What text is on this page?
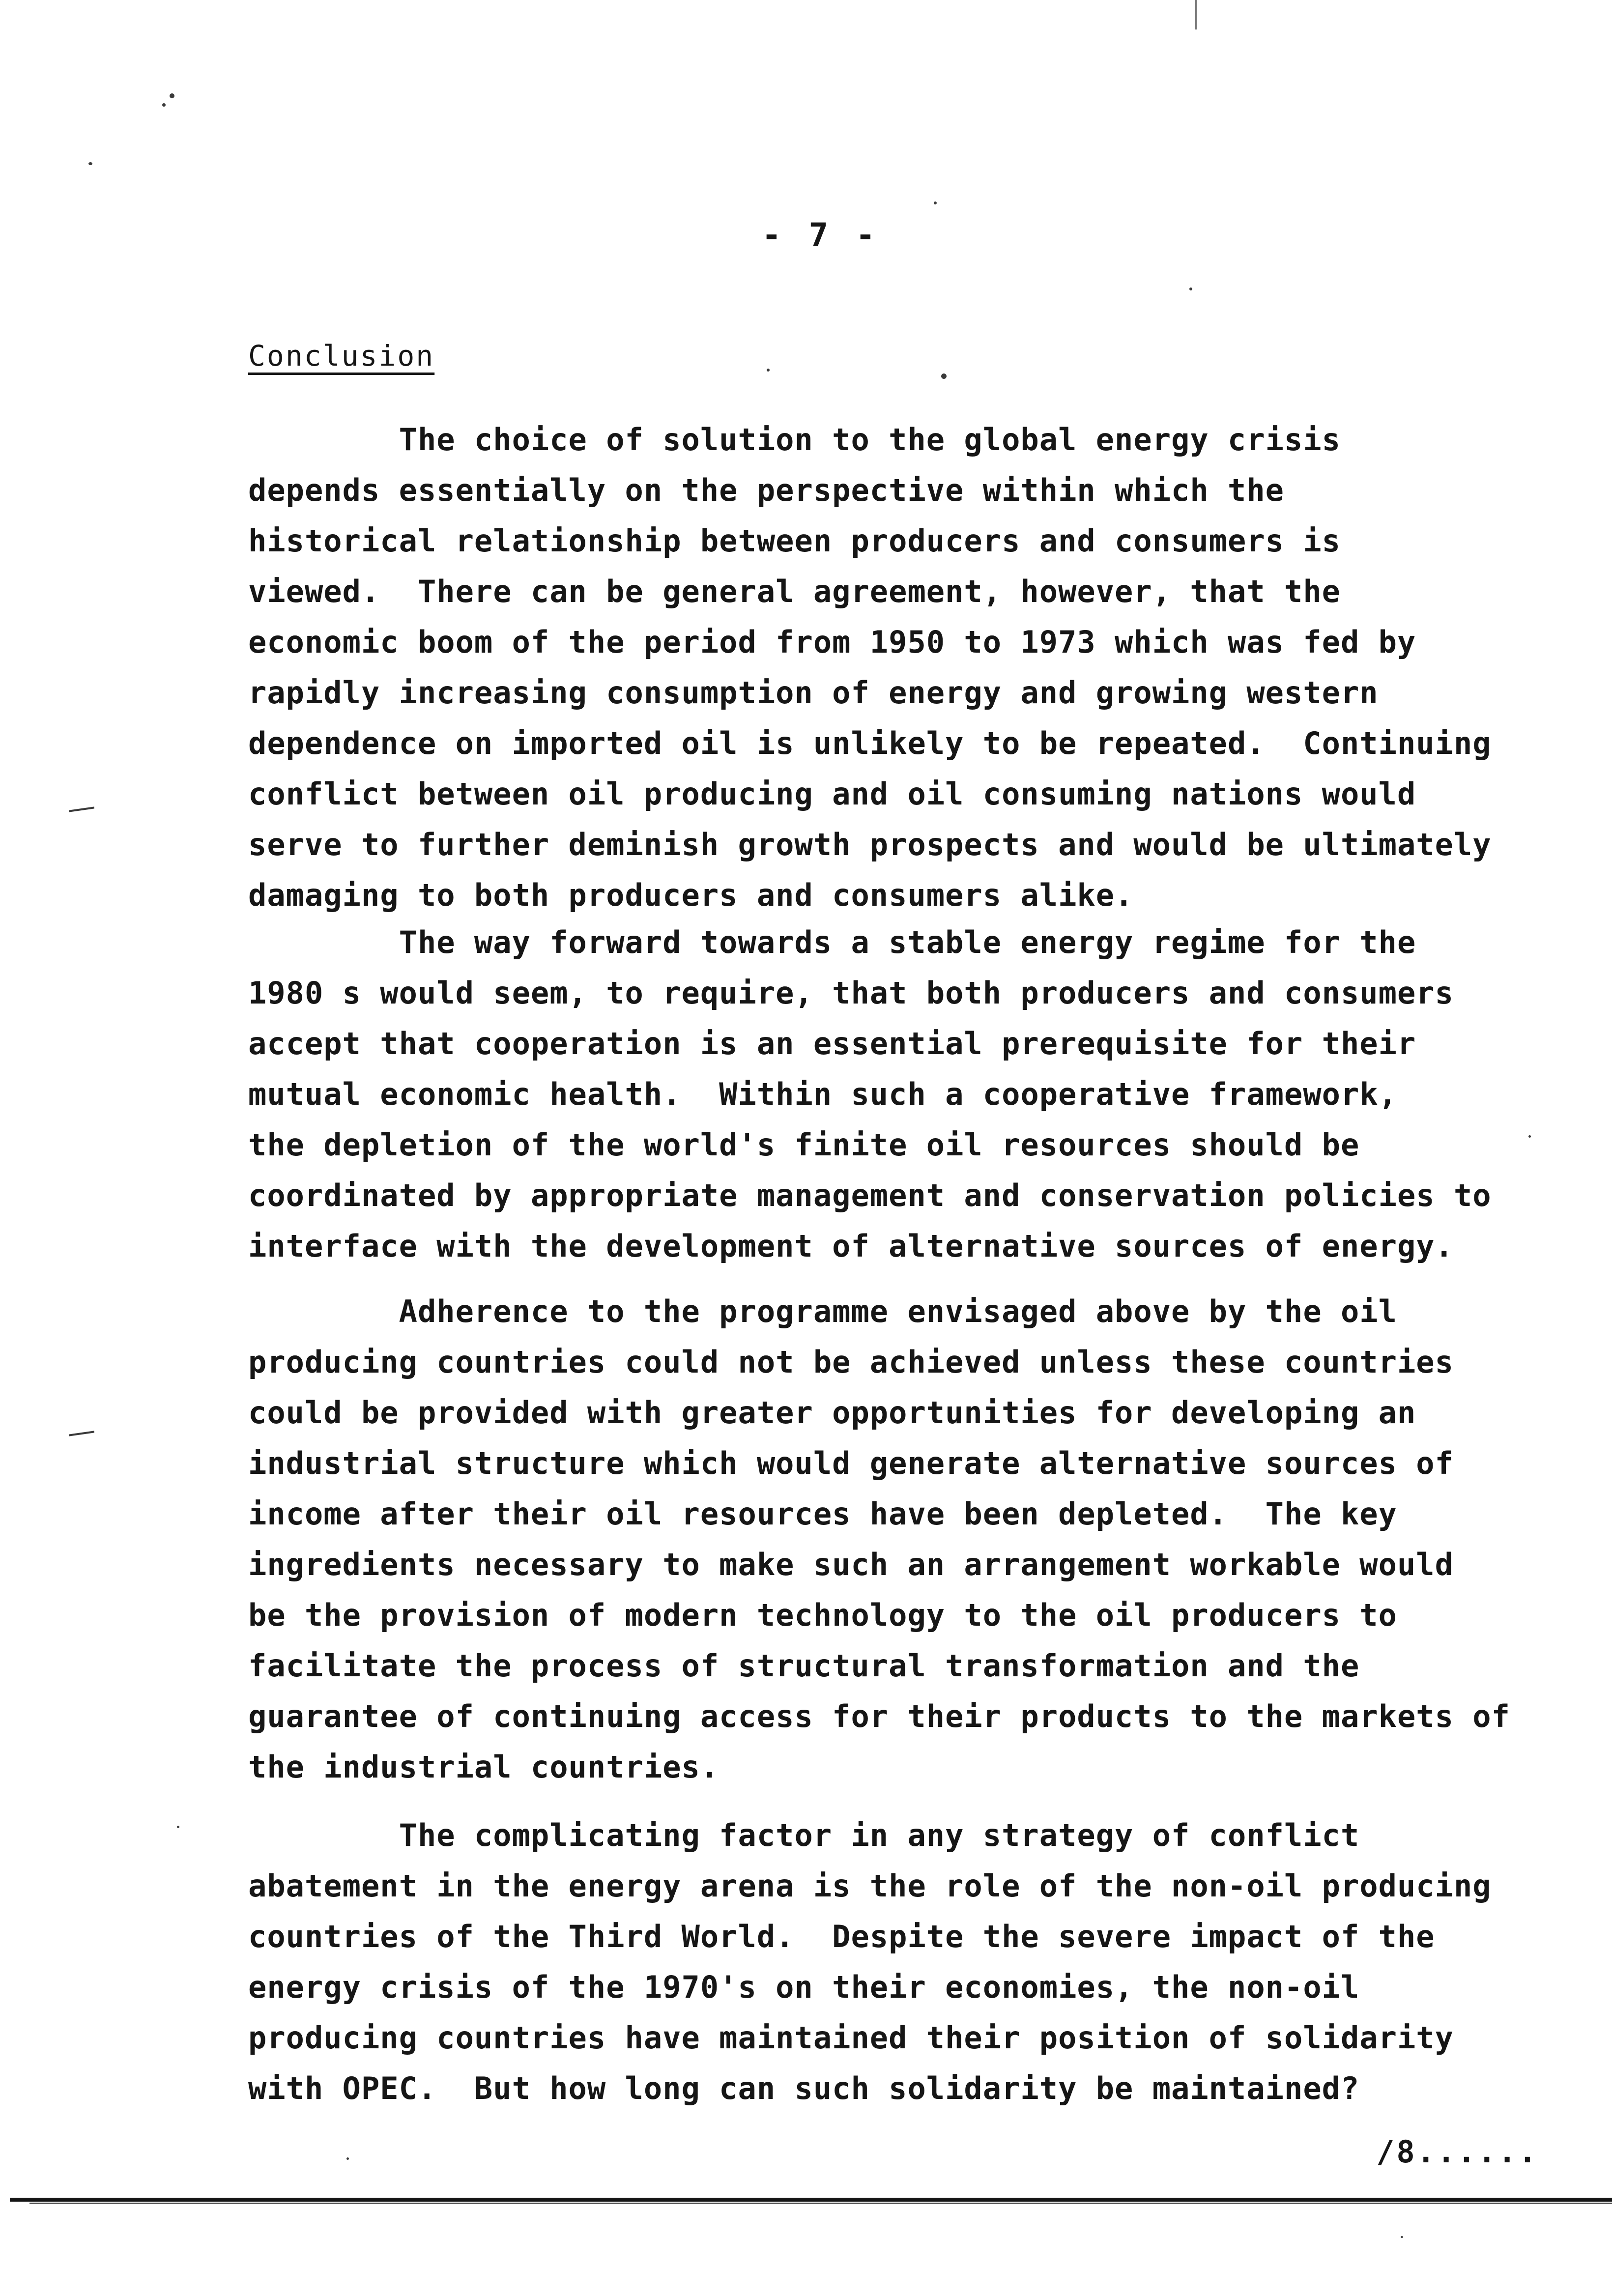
- 7 -
Conclusion
The choice of solution to the global energy crisis
depends essentially on the perspective within which the
historical relationship between producers and consumers is
viewed.  There can be general agreement, however, that the
economic boom of the period from 1950 to 1973 which was fed by
rapidly increasing consumption of energy and growing western
dependence on imported oil is unlikely to be repeated.  Continuing
conflict between oil producing and oil consuming nations would
serve to further deminish growth prospects and would be ultimately
damaging to both producers and consumers alike.
The way forward towards a stable energy regime for the
1980 s would seem, to require, that both producers and consumers
accept that cooperation is an essential prerequisite for their
mutual economic health.  Within such a cooperative framework,
the depletion of the world's finite oil resources should be
coordinated by appropriate management and conservation policies to
interface with the development of alternative sources of energy.
Adherence to the programme envisaged above by the oil
producing countries could not be achieved unless these countries
could be provided with greater opportunities for developing an
industrial structure which would generate alternative sources of
income after their oil resources have been depleted.  The key
ingredients necessary to make such an arrangement workable would
be the provision of modern technology to the oil producers to
facilitate the process of structural transformation and the
guarantee of continuing access for their products to the markets of
the industrial countries.
The complicating factor in any strategy of conflict
abatement in the energy arena is the role of the non-oil producing
countries of the Third World.  Despite the severe impact of the
energy crisis of the 1970's on their economies, the non-oil
producing countries have maintained their position of solidarity
with OPEC.  But how long can such solidarity be maintained?
/8......
